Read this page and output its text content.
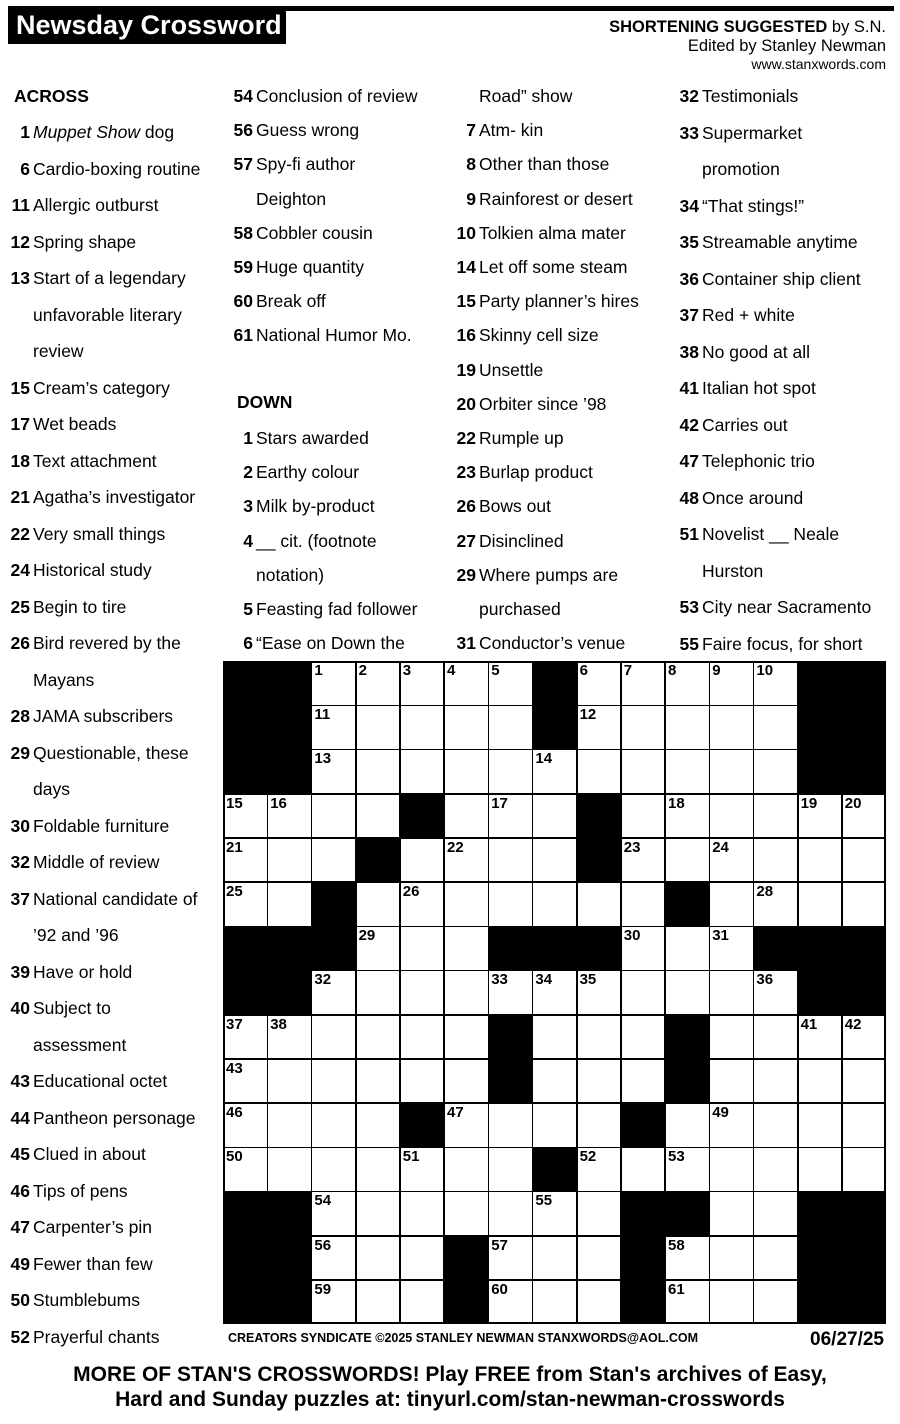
Newsday Crossword	SHORTENING SUGGESTED by S.N.
Edited by Stanley Newman
www.stanxwords.com
ACROSS
DOWN
1 Muppet Show dog
6 Cardio-boxing routine
11 Allergic outburst
12 Spring shape
13 Start of a legendary
unfavorable literary
review
15 Cream’s category
17 Wet beads
18 Text attachment
21 Agatha’s investigator
22 Very small things
24 Historical study
25 Begin to tire
26 Bird revered by the
Mayans
28 JAMA subscribers
29 Questionable, these
days
30 Foldable furniture
32 Middle of review
37 National candidate of
’92 and ’96
39 Have or hold
40 Subject to
assessment
43 Educational octet
44 Pantheon personage
45 Clued in about
46 Tips of pens
47 Carpenter’s pin
49 Fewer than few
50 Stumblebums
52 Prayerful chants
54 Conclusion of review
56 Guess wrong
57 Spy-fi author
Deighton
58 Cobbler cousin
59 Huge quantity
60 Break off
61 National Humor Mo.
1 Stars awarded
2 Earthy colour
3 Milk by-product
4 __ cit. (footnote
notation)
5 Feasting fad follower
6 “Ease on Down the
Road” show
7 Atm- kin
8 Other than those
9 Rainforest or desert
10 Tolkien alma mater
14 Let off some steam
15 Party planner’s hires
16 Skinny cell size
19 Unsettle
20 Orbiter since ’98
22 Rumple up
23 Burlap product
26 Bows out
27 Disinclined
29 Where pumps are
purchased
31 Conductor’s venue
32 Testimonials
33 Supermarket
promotion
34 “That stings!”
35 Streamable anytime
36 Container ship client
37 Red + white
38 No good at all
41 Italian hot spot
42 Carries out
47 Telephonic trio
48 Once around
51 Novelist __ Neale
Hurston
53 City near Sacramento
55 Faire focus, for short
1 2 3 4 5	6 7 8 9 10
11	12
13	14
15 16	17	18	19 20
21	22	23	24
25	26	27	28
29	30	31
32	33 34 35	36
37 38	39	40	41 42
43	44	45
46	47	48	49
50	51	52	53
54	55
56	57	58
59	60	61
CREATORS SYNDICATE ©2025 STANLEY NEWMAN STANXWORDS@AOL.COM	06/27/25
MORE OF STAN'S CROSSWORDS! Play FREE from Stan's archives of Easy,
Hard and Sunday puzzles at: tinyurl.com/stan-newman-crosswords
